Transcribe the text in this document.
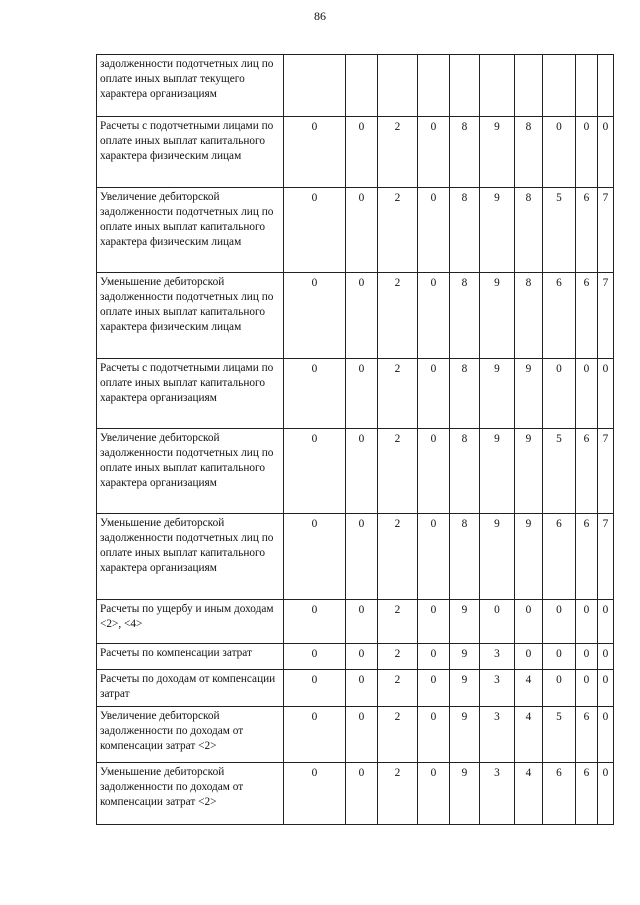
86
задолженности подотчетных лиц по оплате иных выплат текущего характера организациям										
Расчеты с подотчетными лицами по оплате иных выплат капитального характера физическим лицам	0	0	2	0	8	9	8	0	0	0
Увеличение дебиторской задолженности подотчетных лиц по оплате иных выплат капитального характера физическим лицам	0	0	2	0	8	9	8	5	6	7
Уменьшение дебиторской задолженности подотчетных лиц по оплате иных выплат капитального характера физическим лицам	0	0	2	0	8	9	8	6	6	7
Расчеты с подотчетными лицами по оплате иных выплат капитального характера организациям	0	0	2	0	8	9	9	0	0	0
Увеличение дебиторской задолженности подотчетных лиц по оплате иных выплат капитального характера организациям	0	0	2	0	8	9	9	5	6	7
Уменьшение дебиторской задолженности подотчетных лиц по оплате иных выплат капитального характера организациям	0	0	2	0	8	9	9	6	6	7
Расчеты по ущербу и иным доходам <2>, <4>	0	0	2	0	9	0	0	0	0	0
Расчеты по компенсации затрат	0	0	2	0	9	3	0	0	0	0
Расчеты по доходам от компенсации затрат	0	0	2	0	9	3	4	0	0	0
Увеличение дебиторской задолженности по доходам от компенсации затрат <2>	0	0	2	0	9	3	4	5	6	0
Уменьшение дебиторской задолженности по доходам от компенсации затрат <2>	0	0	2	0	9	3	4	6	6	0
